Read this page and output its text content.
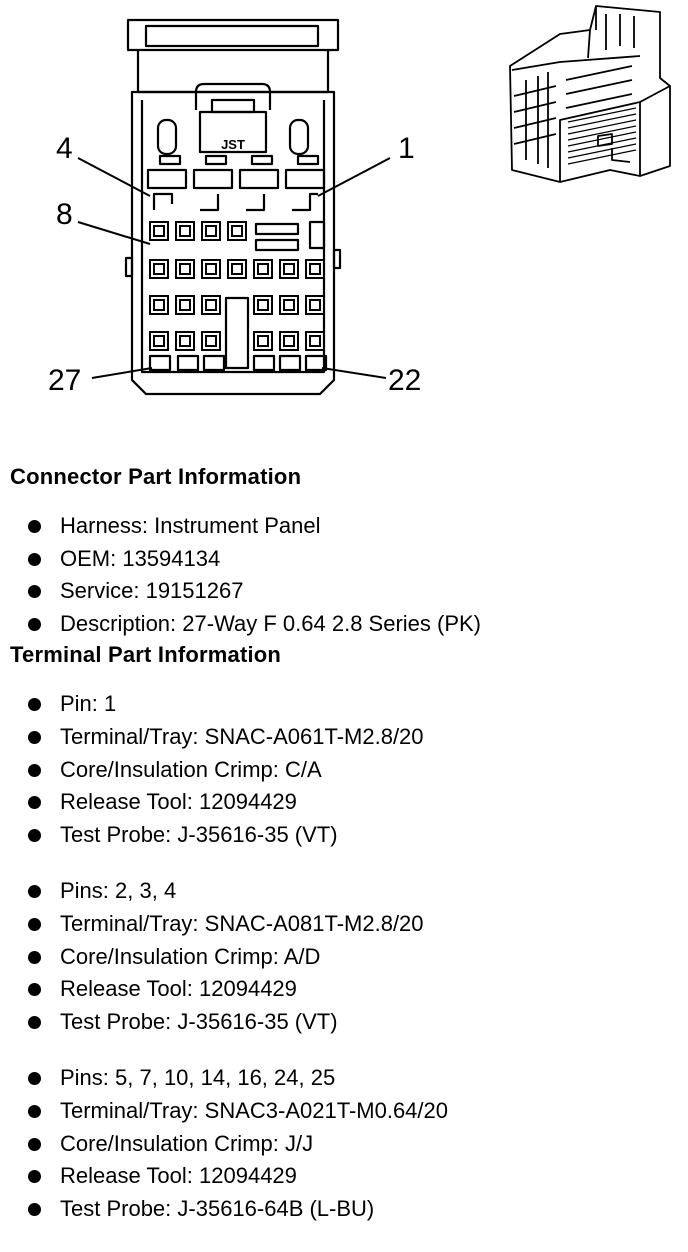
JST
4	1
8
27	22
Connector Part Information
Harness: Instrument Panel
OEM: 13594134
Service: 19151267
Description: 27-Way F 0.64 2.8 Series (PK)
Terminal Part Information
Pin: 1
Terminal/Tray: SNAC-A061T-M2.8/20
Core/Insulation Crimp: C/A
Release Tool: 12094429
Test Probe: J-35616-35 (VT)
Pins: 2, 3, 4
Terminal/Tray: SNAC-A081T-M2.8/20
Core/Insulation Crimp: A/D
Release Tool: 12094429
Test Probe: J-35616-35 (VT)
Pins: 5, 7, 10, 14, 16, 24, 25
Terminal/Tray: SNAC3-A021T-M0.64/20
Core/Insulation Crimp: J/J
Release Tool: 12094429
Test Probe: J-35616-64B (L-BU)
